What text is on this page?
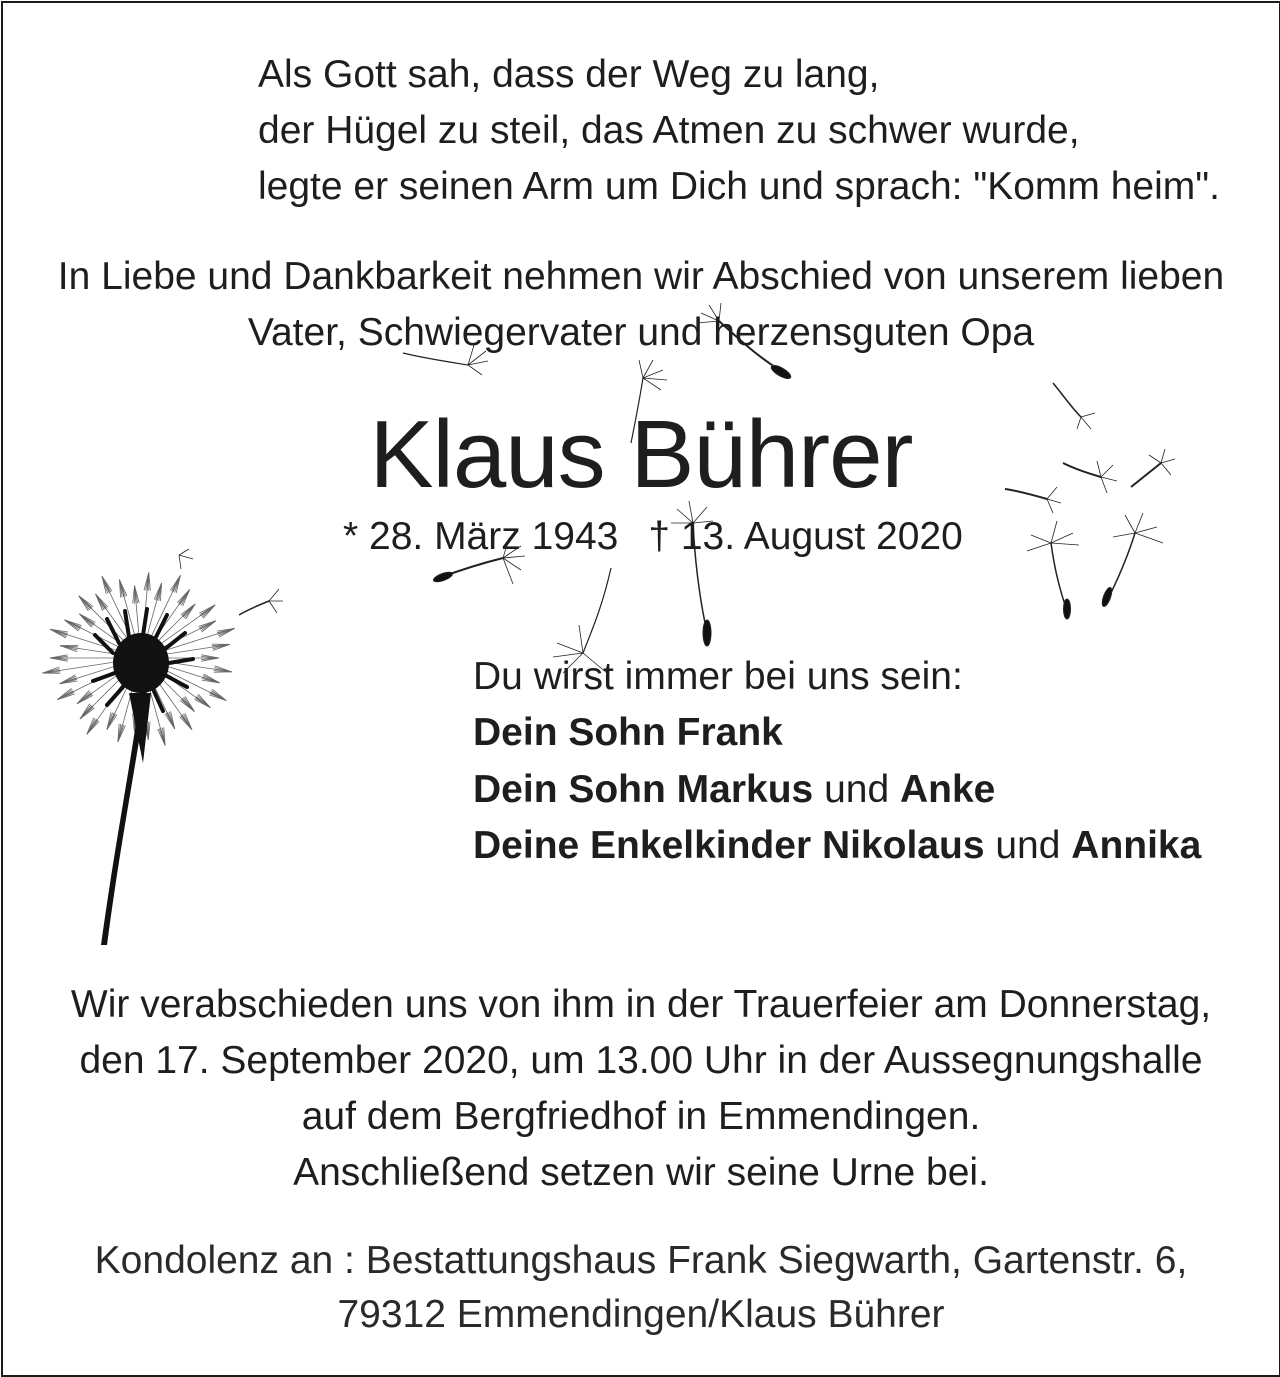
Als Gott sah, dass der Weg zu lang,

der Hügel zu steil, das Atmen zu schwer wurde,

legte er seinen Arm um Dich und sprach: "Komm heim".

In Liebe und Dankbarkeit nehmen wir Abschied von unserem lieben

Vater, Schwiegervater und herzensguten Opa

Klaus Bührer

* 28. März 1943 † 13. August 2020

Du wirst immer bei uns sein:

Dein Sohn Frank

Dein Sohn Markus und Anke

Deine Enkelkinder Nikolaus und Annika

Wir verabschieden uns von ihm in der Trauerfeier am Donnerstag,

den 17. September 2020, um 13.00 Uhr in der Aussegnungshalle

auf dem Bergfriedhof in Emmendingen.

Anschließend setzen wir seine Urne bei.

Kondolenz an : Bestattungshaus Frank Siegwarth, Gartenstr. 6,

79312 Emmendingen/Klaus Bührer
